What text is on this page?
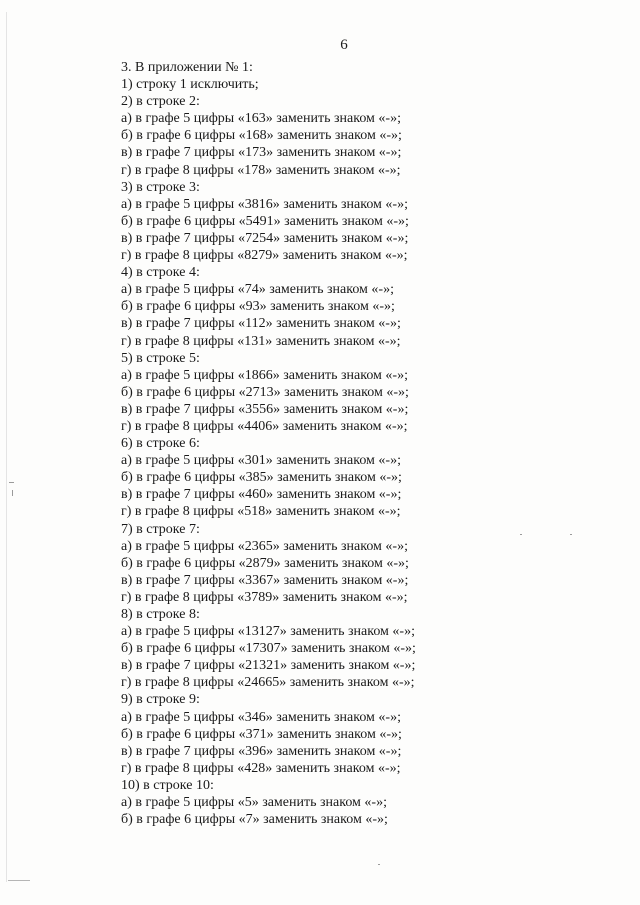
6
3. В приложении № 1:
1) строку 1 исключить;
2) в строке 2:
а) в графе 5 цифры «163» заменить знаком «-»;
б) в графе 6 цифры «168» заменить знаком «-»;
в) в графе 7 цифры «173» заменить знаком «-»;
г) в графе 8 цифры «178» заменить знаком «-»;
3) в строке 3:
а) в графе 5 цифры «3816» заменить знаком «-»;
б) в графе 6 цифры «5491» заменить знаком «-»;
в) в графе 7 цифры «7254» заменить знаком «-»;
г) в графе 8 цифры «8279» заменить знаком «-»;
4) в строке 4:
а) в графе 5 цифры «74» заменить знаком «-»;
б) в графе 6 цифры «93» заменить знаком «-»;
в) в графе 7 цифры «112» заменить знаком «-»;
г) в графе 8 цифры «131» заменить знаком «-»;
5) в строке 5:
а) в графе 5 цифры «1866» заменить знаком «-»;
б) в графе 6 цифры «2713» заменить знаком «-»;
в) в графе 7 цифры «3556» заменить знаком «-»;
г) в графе 8 цифры «4406» заменить знаком «-»;
6) в строке 6:
а) в графе 5 цифры «301» заменить знаком «-»;
б) в графе 6 цифры «385» заменить знаком «-»;
в) в графе 7 цифры «460» заменить знаком «-»;
г) в графе 8 цифры «518» заменить знаком «-»;
7) в строке 7:
а) в графе 5 цифры «2365» заменить знаком «-»;
б) в графе 6 цифры «2879» заменить знаком «-»;
в) в графе 7 цифры «3367» заменить знаком «-»;
г) в графе 8 цифры «3789» заменить знаком «-»;
8) в строке 8:
а) в графе 5 цифры «13127» заменить знаком «-»;
б) в графе 6 цифры «17307» заменить знаком «-»;
в) в графе 7 цифры «21321» заменить знаком «-»;
г) в графе 8 цифры «24665» заменить знаком «-»;
9) в строке 9:
а) в графе 5 цифры «346» заменить знаком «-»;
б) в графе 6 цифры «371» заменить знаком «-»;
в) в графе 7 цифры «396» заменить знаком «-»;
г) в графе 8 цифры «428» заменить знаком «-»;
10) в строке 10:
а) в графе 5 цифры «5» заменить знаком «-»;
б) в графе 6 цифры «7» заменить знаком «-»;
